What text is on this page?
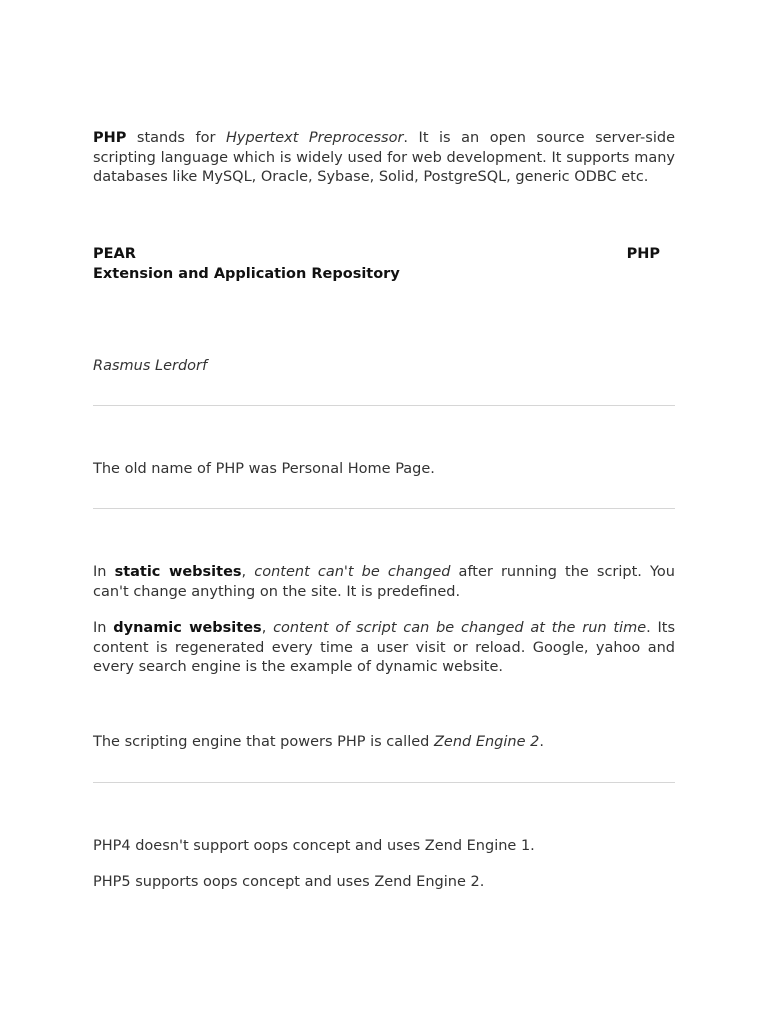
PHP stands for Hypertext Preprocessor. It is an open source server-side scripting language which is widely used for web development. It supports many databases like MySQL, Oracle, Sybase, Solid, PostgreSQL, generic ODBC etc.

PEAR	PHP
Extension and Application Repository

Rasmus Lerdorf

The old name of PHP was Personal Home Page.

In static websites, content can't be changed after running the script. You can't change anything on the site. It is predefined.

In dynamic websites, content of script can be changed at the run time. Its content is regenerated every time a user visit or reload. Google, yahoo and every search engine is the example of dynamic website.

The scripting engine that powers PHP is called Zend Engine 2.

PHP4 doesn't support oops concept and uses Zend Engine 1.

PHP5 supports oops concept and uses Zend Engine 2.
